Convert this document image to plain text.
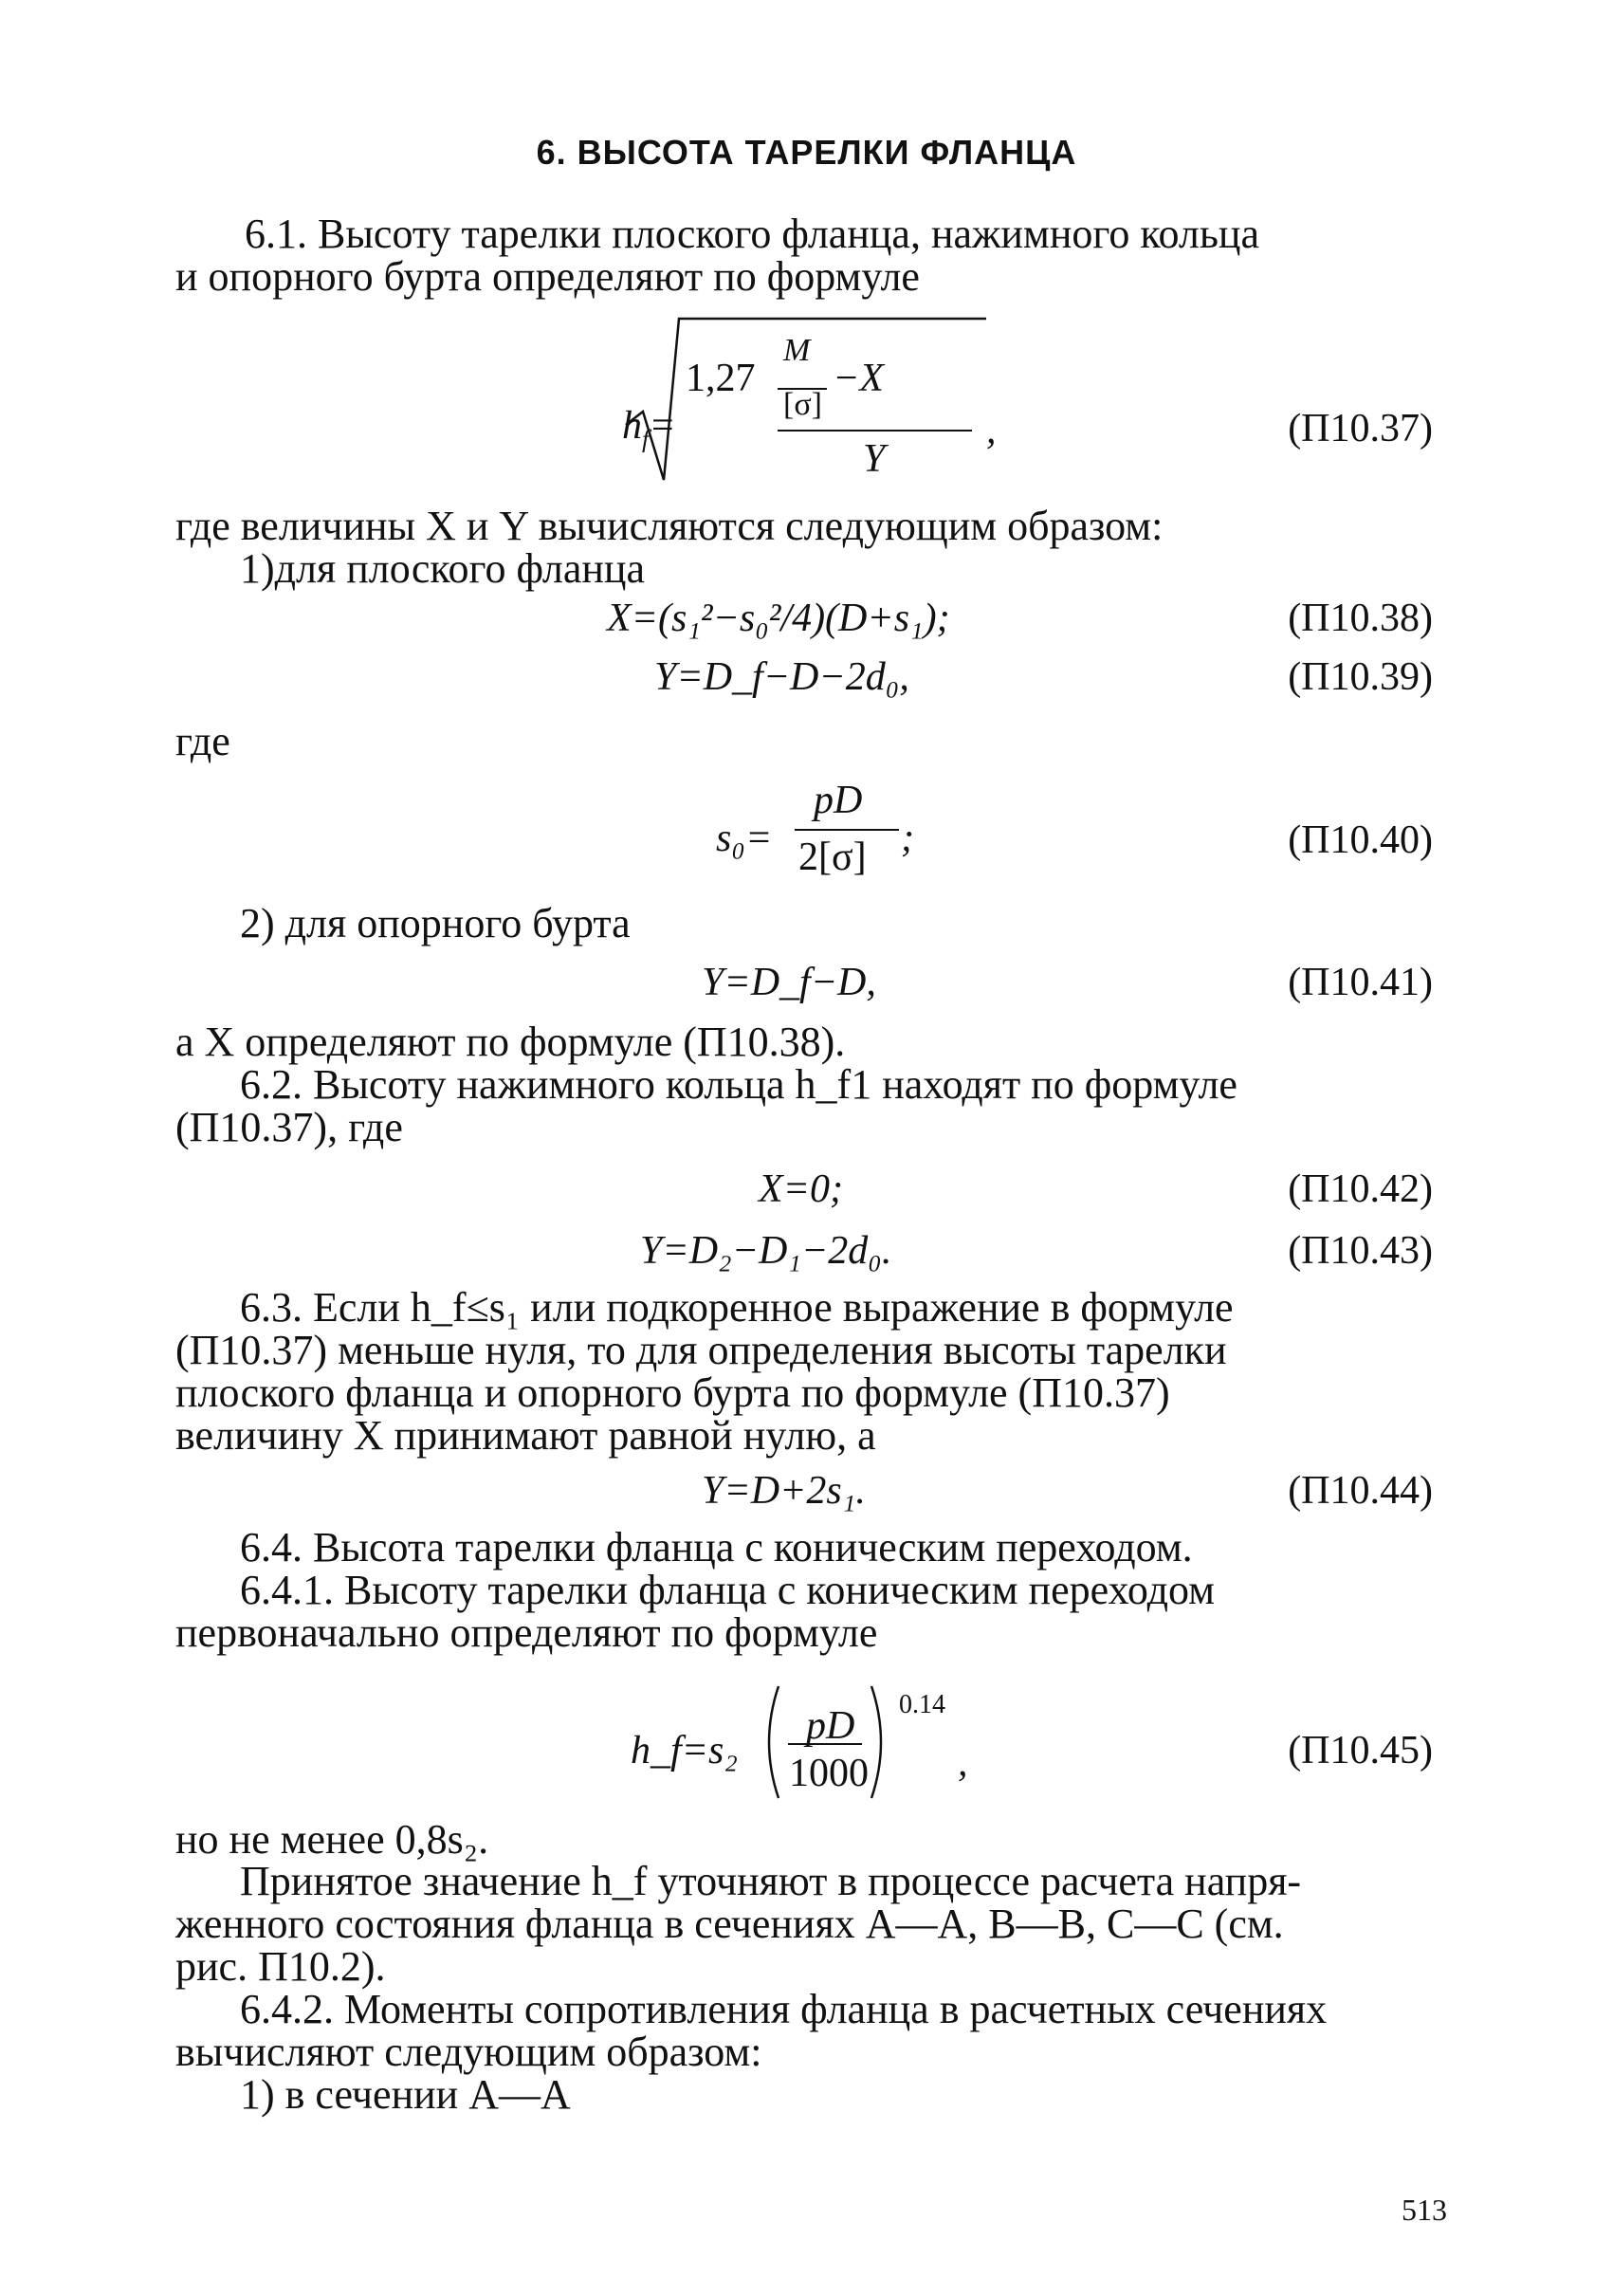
6. ВЫСОТА ТАРЕЛКИ ФЛАНЦА
6.1. Высоту тарелки плоского фланца, нажимного кольца
и опорного бурта определяют по формуле
$h_f=$
M
1,27
[σ]
−X
Y
,	(П10.37)
где величины X и Y вычисляются следующим образом:
1)для плоского фланца
X=(s₁²−s₀²/4)(D+s₁);	(П10.38)
Y=D_f−D−2d₀,	(П10.39)
где
s₀=
pD
2[σ] ;	(П10.40)
2) для опорного бурта
Y=D_f−D,	(П10.41)
а X определяют по формуле (П10.38).
6.2. Высоту нажимного кольца h_f1 находят по формуле
(П10.37), где
X=0;	(П10.42)
Y=D₂−D₁−2d₀.	(П10.43)
6.3. Если h_f≤s₁ или подкоренное выражение в формуле
(П10.37) меньше нуля, то для определения высоты тарелки
плоского фланца и опорного бурта по формуле (П10.37)
величину X принимают равной нулю, а
Y=D+2s₁.	(П10.44)
6.4. Высота тарелки фланца с коническим переходом.
6.4.1. Высоту тарелки фланца с коническим переходом
первоначально определяют по формуле
h_f=s₂
pD
1000
0.14
,	(П10.45)
но не менее 0,8s₂.
Принятое значение h_f уточняют в процессе расчета напря-
женного состояния фланца в сечениях А—А, В—В, С—С (см.
рис. П10.2).
6.4.2. Моменты сопротивления фланца в расчетных сечениях
вычисляют следующим образом:
1) в сечении А—А
513
